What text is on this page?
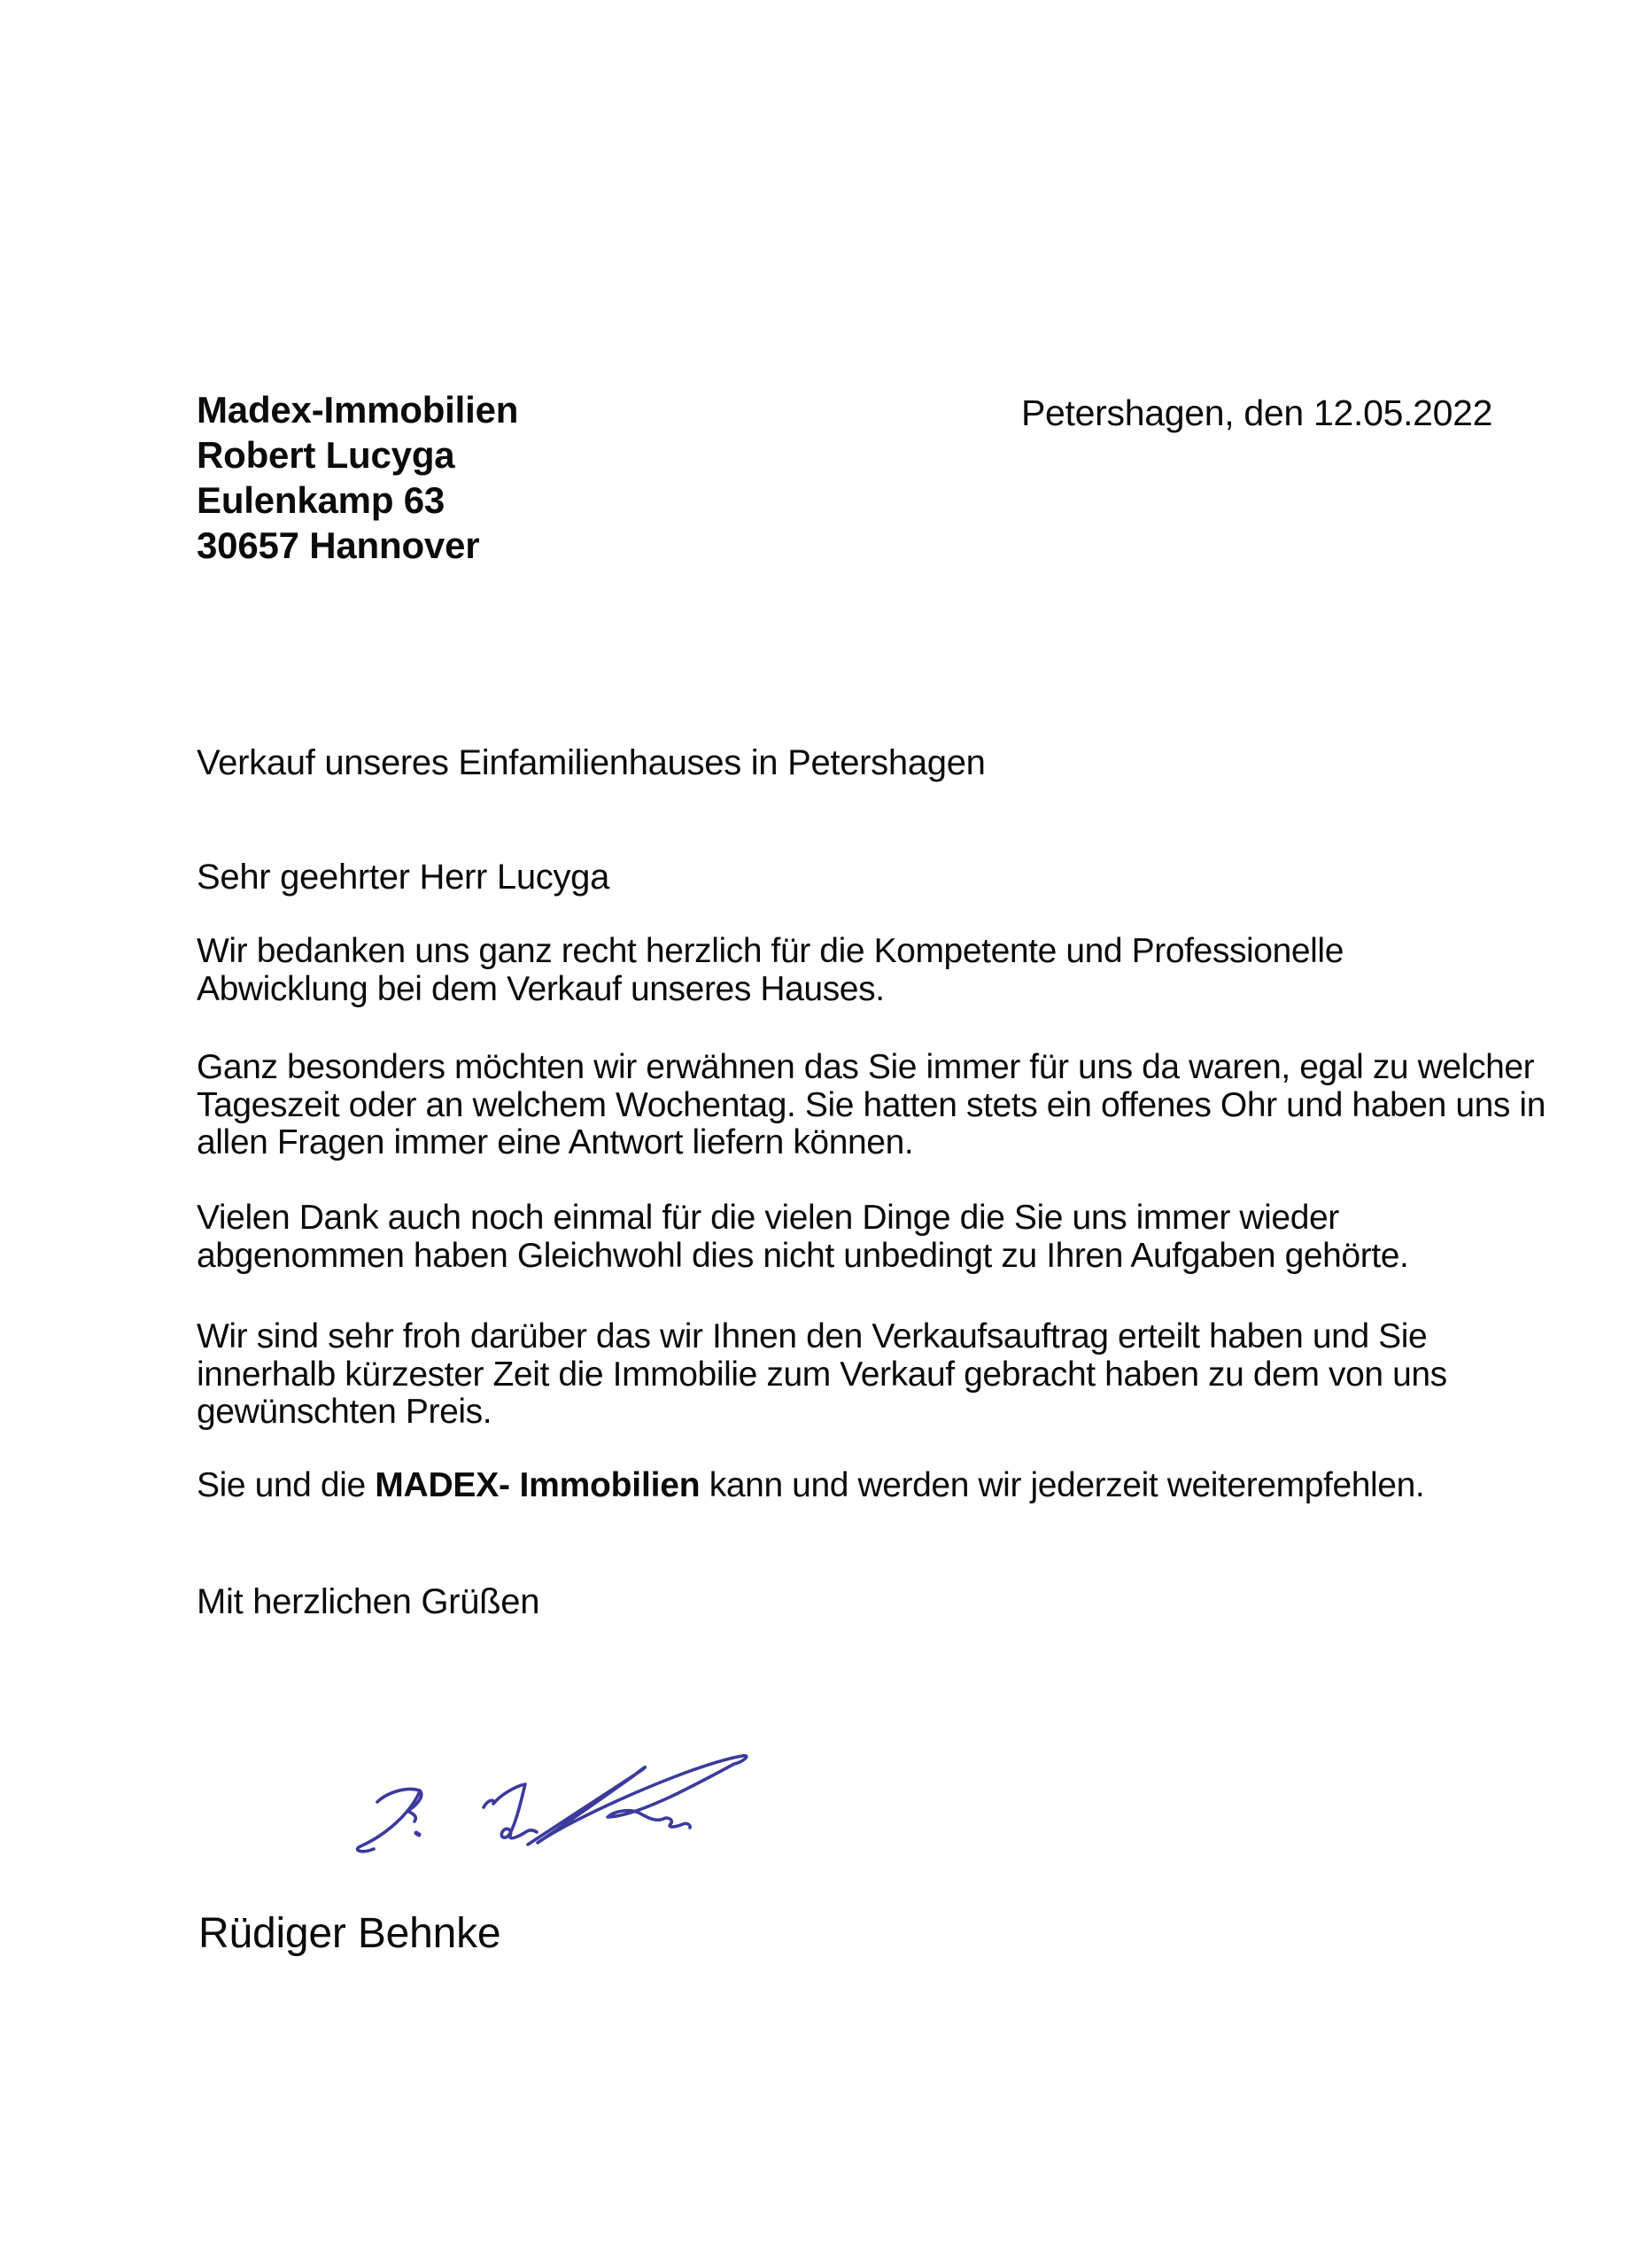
Madex-Immobilien
Robert Lucyga
Eulenkamp 63
30657 Hannover
Petershagen, den 12.05.2022
Verkauf unseres Einfamilienhauses in Petershagen
Sehr geehrter Herr Lucyga
Wir bedanken uns ganz recht herzlich für die Kompetente und Professionelle
Abwicklung bei dem Verkauf unseres Hauses.
Ganz besonders möchten wir erwähnen das Sie immer für uns da waren, egal zu welcher
Tageszeit oder an welchem Wochentag. Sie hatten stets ein offenes Ohr und haben uns in
allen Fragen immer eine Antwort liefern können.
Vielen Dank auch noch einmal für die vielen Dinge die Sie uns immer wieder
abgenommen haben Gleichwohl dies nicht unbedingt zu Ihren Aufgaben gehörte.
Wir sind sehr froh darüber das wir Ihnen den Verkaufsauftrag erteilt haben und Sie
innerhalb kürzester Zeit die Immobilie zum Verkauf gebracht haben zu dem von uns
gewünschten Preis.
Sie und die MADEX- Immobilien kann und werden wir jederzeit weiterempfehlen.
Mit herzlichen Grüßen
Rüdiger Behnke
